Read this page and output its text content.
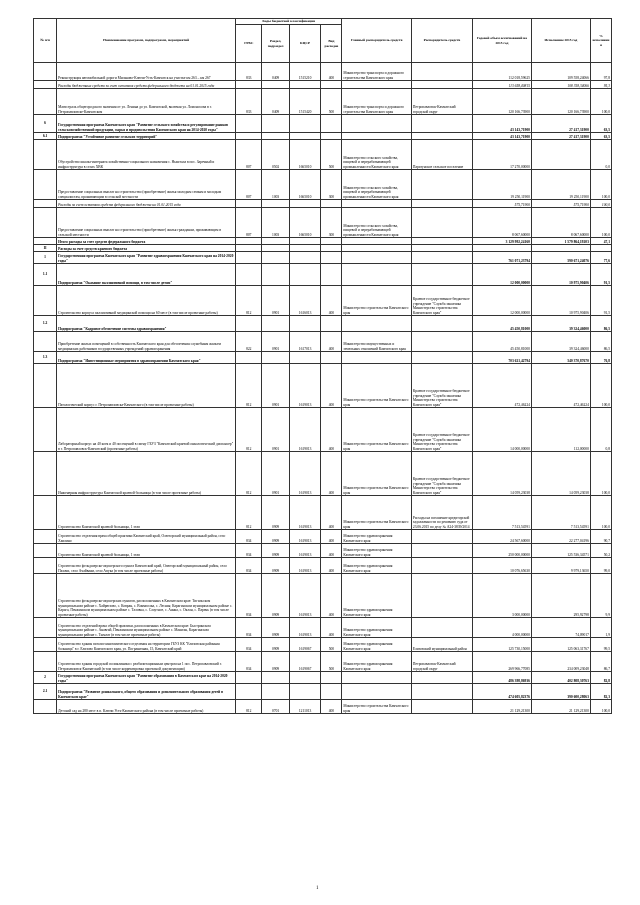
№ п/п	Наименование программ, подпрограмм, мероприятий	Коды бюджетной классификации				Главный распорядитель средств	Распорядитель средств	Годовой объем ассигнований на 2015 год	Исполнение 2015 год	% исполнения
		ГРБС	Раздел, подраздел	КЦСР	Вид расходов					
	Реконструкция автомобильной дороги Мильково-Ключи-Усть-Камчатск на участке км 263 – км 267	833	0409	1515210	400	Министерство транспорта и дорожного строительства Камчатского края		112 018,59625	109 558,24066	97,8
	Расходы бюджетных средств за счет остатков средств федерального бюджета на 01.01.2015 года							113 658,40815	108 358,34066	95,3
	Магистраль общегородского значения от ул. Ленина до ул. Камчатской, включая ул. Ломоносова в г. Петропавловске-Камчатском	833	0409	1515420	500	Министерство транспорта и дорожного строительства Камчатского края	Петропавловск-Камчатский городской округ	120 166,73900	120 166,73900	100,0
6	Государственная программа Камчатского края "Развитие сельского хозяйства и регулирование рынков сельскохозяйственной продукции, сырья и продовольствия Камчатского края на 2014-2020 годы"							43 143,71900	27 417,31900	63,5
6.1	Подпрограмма "Устойчивое развитие сельских территорий"							43 143,71900	27 417,31900	63,5
	Обустройство школы-интерната хозяйственно-социального назначения с. Ныштала в пос. Заречный и инфраструктура в селах ХВК	807	0502	1665010	500	Министерство сельского хозяйства, пищевой и перерабатывающей промышленности Камчатского края	Паратунское сельское поселение	17 270,00000		0,0
	Предоставление социальных выплат на строительство (приобретение) жилья молодым семьям и молодым специалистам, проживающим в сельской местности	807	1003	1665010	300	Министерство сельского хозяйства, пищевой и перерабатывающей промышленности Камчатского края		19 250,11900	19 250,11900	100,0
	Расходы за счет остатков средств федерального бюджета на 01.01.2015 года							575,71900	575,71900	100,0
	Предоставление социальных выплат на строительство (приобретение) жилья гражданам, проживающим в сельской местности	807	1003	1665010	300	Министерство сельского хозяйства, пищевой и перерабатывающей промышленности Камчатского края		8 067,60000	8 067,60000	100,0
	Итого расходы за счет средств федерального бюджета							3 129 992,24160	1 579 864,19203	47,1
II	Расходы за счет средств краевого бюджета									
1	Государственная программа Камчатского края "Развитие здравоохранения Камчатского края на 2014-2020 годы"							761 071,23794	590 671,24076	77,6
1.1	Подпрограмма "Оказание паллиативной помощи, в том числе детям"							12 000,00000	10 975,90406	91,5
	Строительство корпуса паллиативной медицинской помощи на 60 мест (в том числе проектные работы)	812	0901	1616013	400	Министерство строительства Камчатского края	Краевое государственное бюджетное учреждение "Служба заказчика Министерства строительства Камчатского края"	12 000,00000	10 975,90406	91,5
1.2	Подпрограмма "Кадровое обеспечение системы здравоохранения"							45 450,81000	39 324,46000	86,5
	Приобретение жилых помещений в собственность Камчатского края для обеспечения служебным жильем медицинских работников государственных учреждений здравоохранения	822	0901	1617013	400	Министерство имущественных и земельных отношений Камчатского края		45 450,81000	39 324,46000	86,5
1.3	Подпрограмма "Инвестиционные мероприятия в здравоохранении Камчатского края"							703 621,42794	540 370,87670	76,8
	Патологический корпус г. Петропавловска-Камчатского (в том числе проектные работы)	812	0901	1619013	400	Министерство строительства Камчатского края	Краевое государственное бюджетное учреждение "Служба заказчика Министерства строительства Камчатского края"	472,46224	472,46224	100,0
	Лабораторный корпус на 40 коек и 40 посещений в смену ГБУЗ "Камчатский краевой онкологический диспансер" в г. Петропавловск-Камчатский (проектные работы)	812	0901	1619013	400	Министерство строительства Камчатского края	Краевое государственное бюджетное учреждение "Служба заказчика Министерства строительства Камчатского края"	14 000,00000	112,00000	0,8
	Инженерная инфраструктура Камчатской краевой больницы (в том числе проектные работы)	812	0901	1619013	400	Министерство строительства Камчатского края	Краевое государственное бюджетное учреждение "Служба заказчика Министерства строительства Камчатского края"	14 059,23038	14 059,23038	100,0
	Строительство Камчатской краевой больницы, 1 этап	812	0909	1619013	400	Министерство строительства Камчатского края	Расходы на погашение кредиторской задолженности по решению суда от 23.06.2015 по делу № А24-3839/2014	7 513,54591	7 513,54591	100,0
	Строительство отделения врача общей практики Камчатский край, Олюторский муниципальный район, село Хаилино	834	0909	1619013	400	Министерство здравоохранения Камчатского края		24 567,60000	22 277,04196	90,7
	Строительство Камчатской краевой больницы, 1 этап	834	0909	1619013	400	Министерство здравоохранения Камчатского края		250 000,00000	125 536,34571	50,2
	Строительство фельдшерско-акушерского пункта Камчатский край, Олюторский муниципальный район, село Пахачи, село Ачайваям, село Апука (в том числе проектные работы)	834	0909	1619013	400	Министерство здравоохранения Камчатского края		10 076,65630	9 979,13650	99,0
	Строительство фельдшерско-акушерских пунктов, расположенных в Камчатском крае: Тигильском муниципальном районе с. Хайрюзово, с. Ковран, с. Воямполка, с. Лесная; Карагинском муниципальном районе с. Карага, Пенжинском муниципальном районе с. Таловка, с. Слаутное, с. Аянка, с. Оклан, с. Парень (в том числе проектные работы)	834	0909	1619013	400	Министерство здравоохранения Камчатского края		3 000,00000	295,92798	9,9
	Строительство отделений врача общей практики, расположенных в Камчатском крае: Быстринском муниципальном районе с. Анавгай, Пенжинском муниципальном районе с. Манилы, Карагинском муниципальном районе с. Тымлат (в том числе проектные работы)	834	0909	1619013	400	Министерство здравоохранения Камчатского края		4 000,00000	74,09017	1,9
	Строительство здания патологоанатомического отделения на территории ГБУЗ КК "Елизовская районная больница" в г. Елизово Камчатского края, ул. Пограничная, 15, Камчатский край	834	0909	1619067	500	Министерство здравоохранения Камчатского края	Елизовский муниципальный район	125 730,15000	125 063,31767	99,5
	Строительство здания городской поликлиники с реабилитационным центром на 1 пос. Петропавловский г. Петропавловск-Камчатский (в том числе корректировка проектной документации)	834	0909	1619067	500	Министерство здравоохранения Камчатского края	Петропавловск-Камчатский городской округ	269 966,77085	234 009,23048	86,7
2	Государственная программа Камчатского края "Развитие образования в Камчатском крае на 2014-2020 годы"							486 398,86936	402 808,30763	82,8
2.1	Подпрограмма "Развитие дошкольного, общего образования и дополнительного образования детей в Камчатском крае"							474 605,82376	390 600,28063	82,3
	Детский сад на 280 мест в п. Ключи Усть-Камчатского района (в том числе проектные работы)	812	0701	1211013	400	Министерство строительства Камчатского края		21 129,21300	21 129,21300	100,0
1
